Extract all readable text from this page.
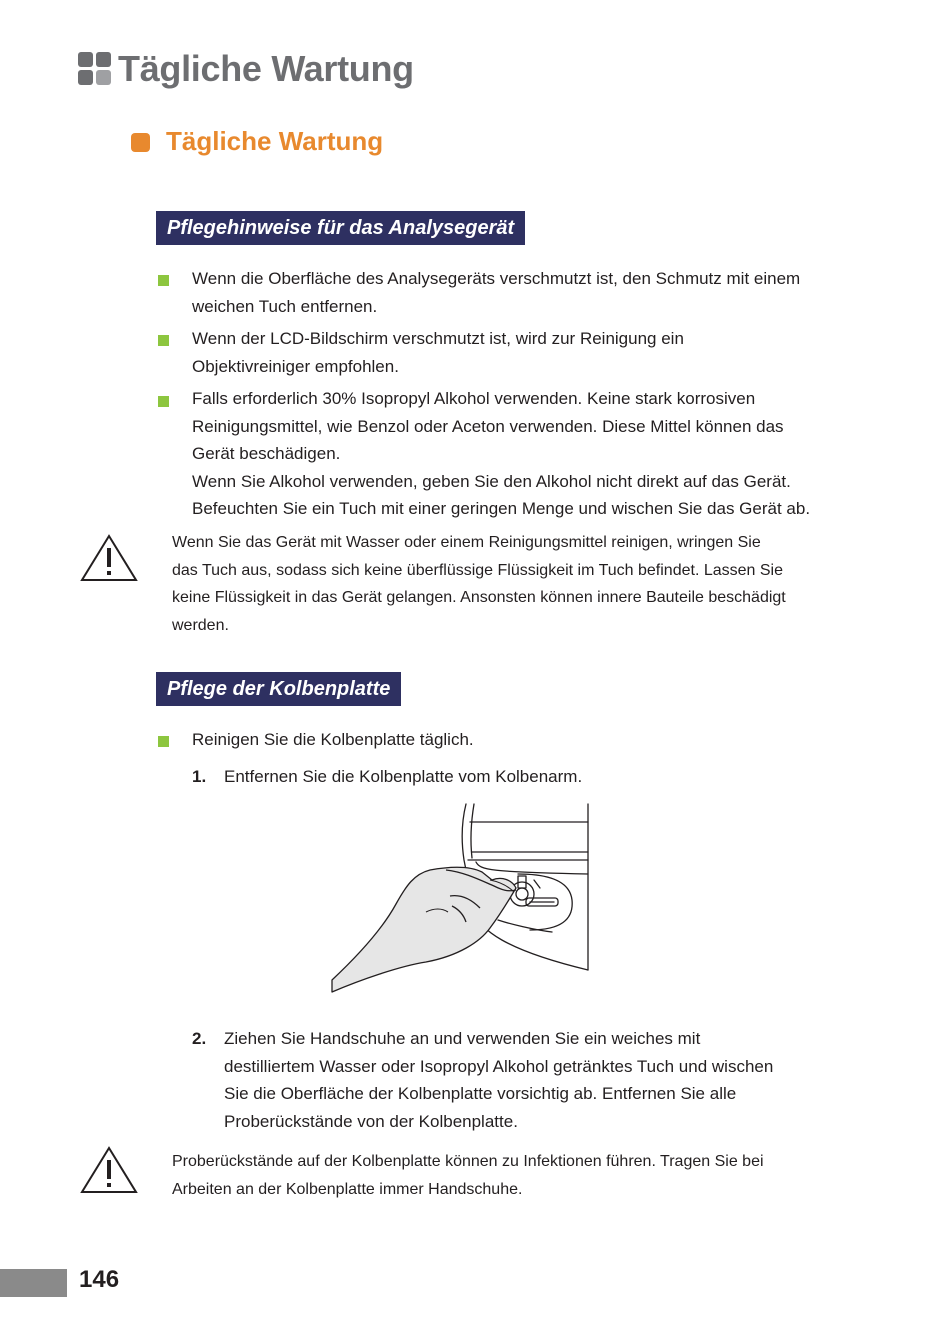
Tägliche Wartung
Tägliche Wartung
Pflegehinweise für das Analysegerät
Wenn die Oberfläche des Analysegeräts verschmutzt ist, den Schmutz mit einem
weichen Tuch entfernen.
Wenn der LCD-Bildschirm verschmutzt ist, wird zur Reinigung ein
Objektivreiniger empfohlen.
Falls erforderlich 30% Isopropyl Alkohol verwenden. Keine stark korrosiven
Reinigungsmittel, wie Benzol oder Aceton verwenden. Diese Mittel können das
Gerät beschädigen.
Wenn Sie Alkohol verwenden, geben Sie den Alkohol nicht direkt auf das Gerät.
Befeuchten Sie ein Tuch mit einer geringen Menge und wischen Sie das Gerät ab.
Wenn Sie das Gerät mit Wasser oder einem Reinigungsmittel reinigen, wringen Sie
das Tuch aus, sodass sich keine überflüssige Flüssigkeit im Tuch befindet. Lassen Sie
keine Flüssigkeit in das Gerät gelangen. Ansonsten können innere Bauteile beschädigt
werden.
Pflege der Kolbenplatte
Reinigen Sie die Kolbenplatte täglich.
1. Entfernen Sie die Kolbenplatte vom Kolbenarm.
2. Ziehen Sie Handschuhe an und verwenden Sie ein weiches mit
destilliertem Wasser oder Isopropyl Alkohol getränktes Tuch und wischen
Sie die Oberfläche der Kolbenplatte vorsichtig ab. Entfernen Sie alle
Proberückstände von der Kolbenplatte.
Proberückstände auf der Kolbenplatte können zu Infektionen führen. Tragen Sie bei
Arbeiten an der Kolbenplatte immer Handschuhe.
146
